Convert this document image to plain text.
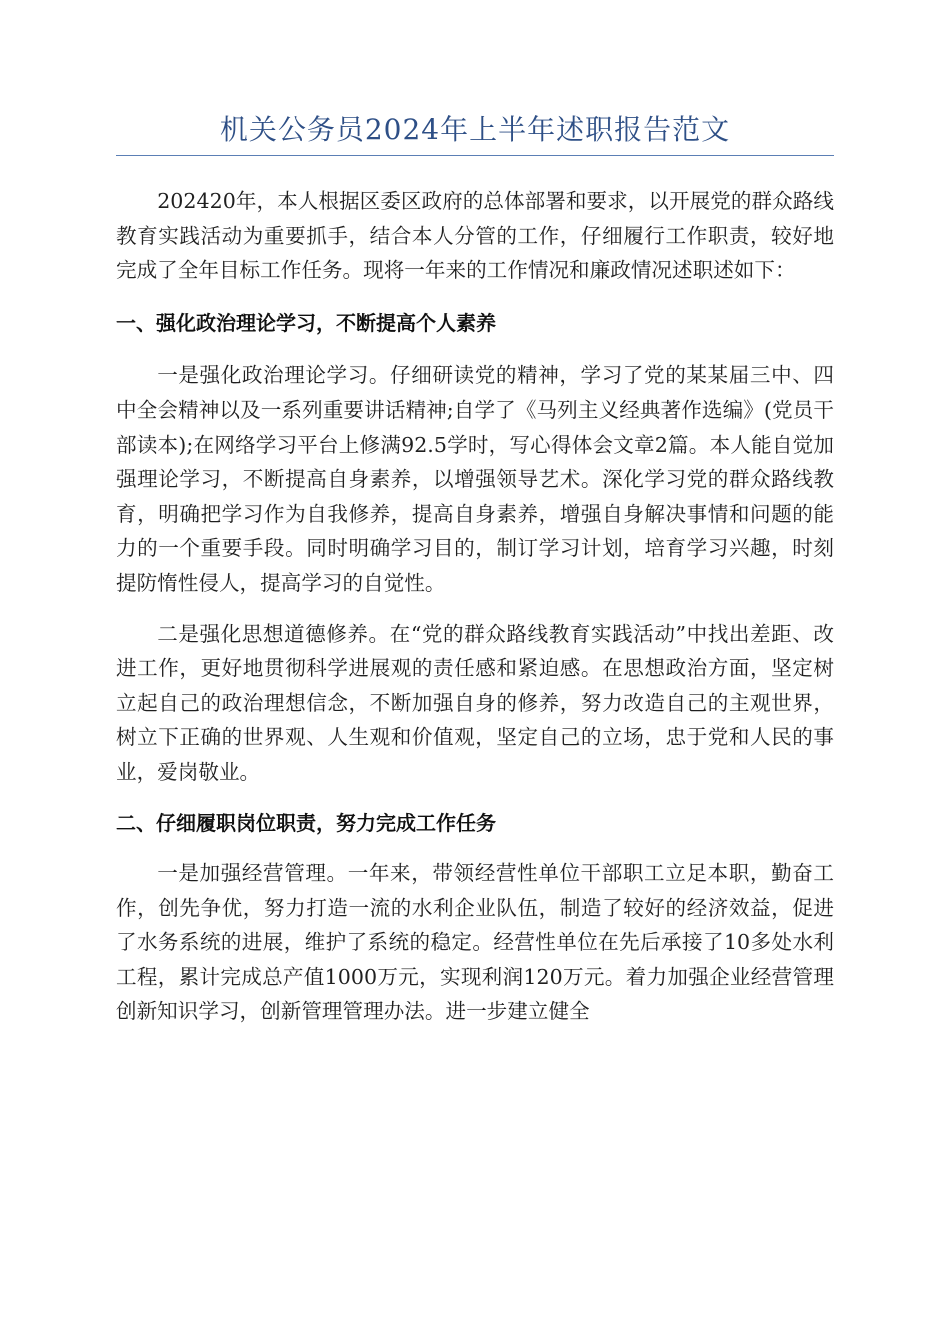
机关公务员2024年上半年述职报告范文

202420年，本人根据区委区政府的总体部署和要求，以开展党的群众路线教育实践活动为重要抓手，结合本人分管的工作，仔细履行工作职责，较好地完成了全年目标工作任务。现将一年来的工作情况和廉政情况述职述如下：

一、强化政治理论学习，不断提高个人素养

一是强化政治理论学习。仔细研读党的精神，学习了党的某某届三中、四中全会精神以及一系列重要讲话精神;自学了《马列主义经典著作选编》(党员干部读本);在网络学习平台上修满92.5学时，写心得体会文章2篇。本人能自觉加强理论学习，不断提高自身素养，以增强领导艺术。深化学习党的群众路线教育，明确把学习作为自我修养，提高自身素养，增强自身解决事情和问题的能力的一个重要手段。同时明确学习目的，制订学习计划，培育学习兴趣，时刻提防惰性侵人，提高学习的自觉性。

二是强化思想道德修养。在“党的群众路线教育实践活动”中找出差距、改进工作，更好地贯彻科学进展观的责任感和紧迫感。在思想政治方面，坚定树立起自己的政治理想信念，不断加强自身的修养，努力改造自己的主观世界，树立下正确的世界观、人生观和价值观，坚定自己的立场，忠于党和人民的事业，爱岗敬业。

二、仔细履职岗位职责，努力完成工作任务

一是加强经营管理。一年来，带领经营性单位干部职工立足本职，勤奋工作，创先争优，努力打造一流的水利企业队伍，制造了较好的经济效益，促进了水务系统的进展，维护了系统的稳定。经营性单位在先后承接了10多处水利工程，累计完成总产值1000万元，实现利润120万元。着力加强企业经营管理创新知识学习，创新管理管理办法。进一步建立健全
